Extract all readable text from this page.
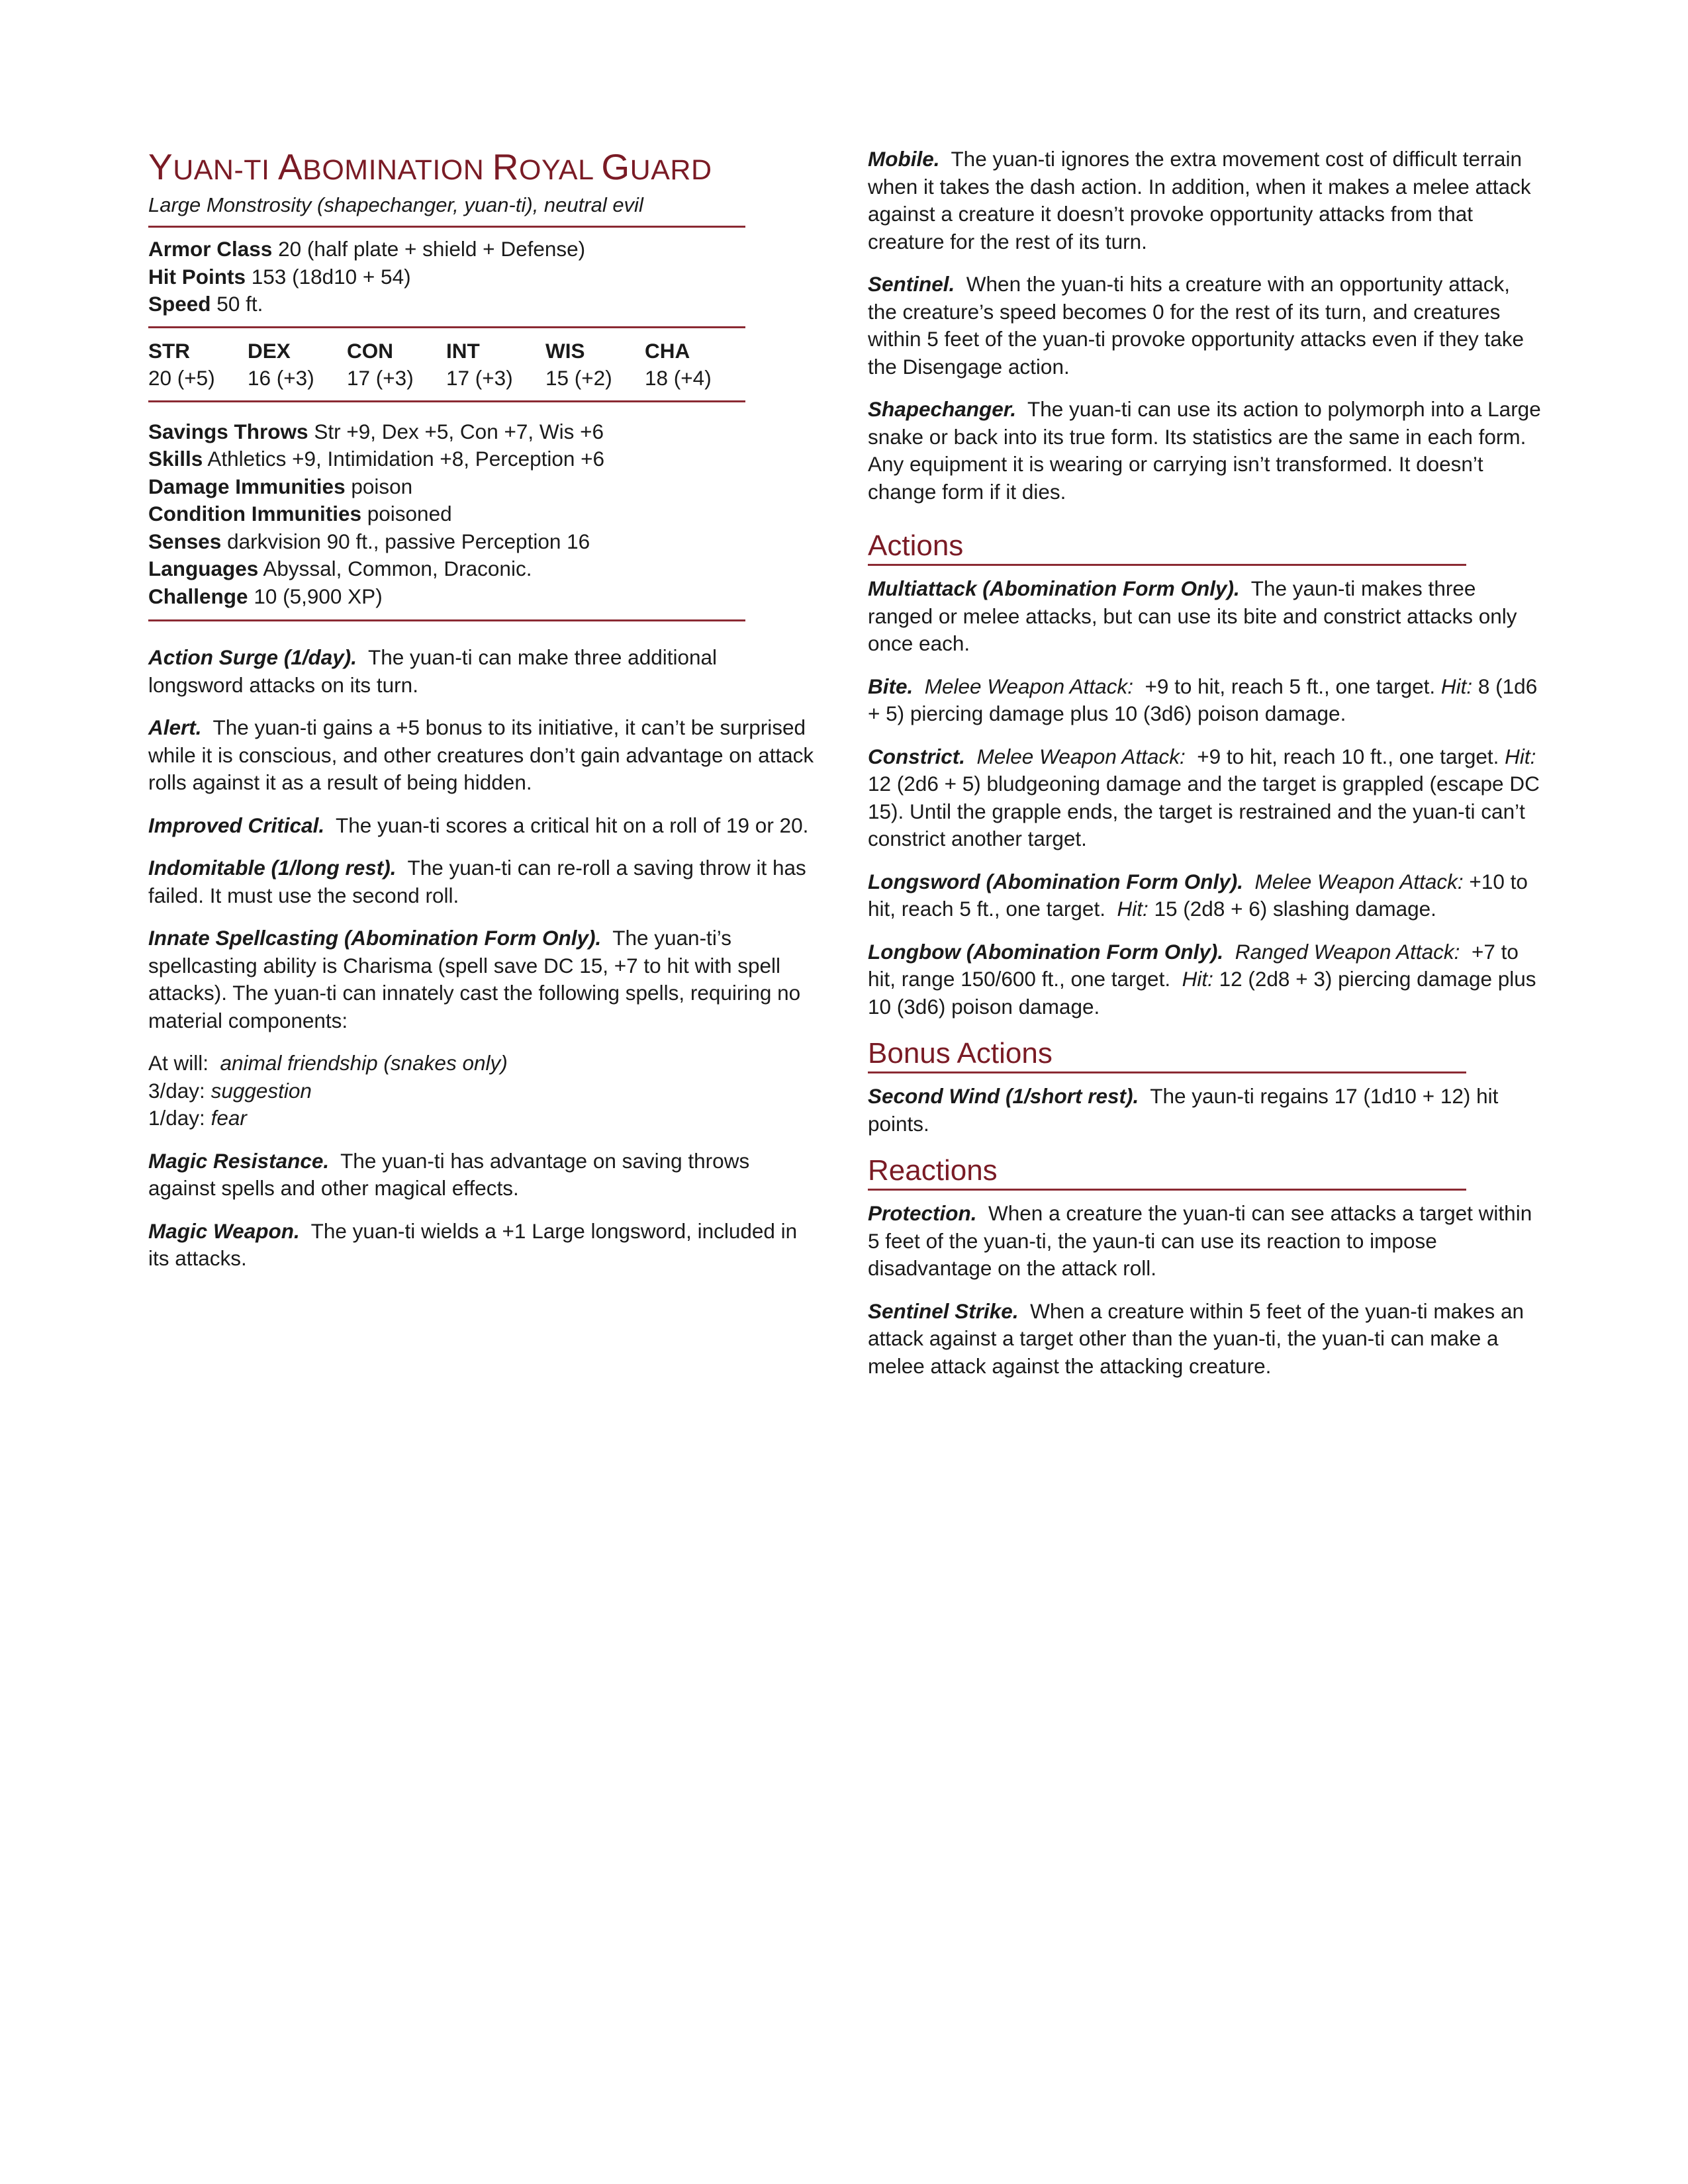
YUAN-TI ABOMINATION ROYAL GUARD

Large Monstrosity (shapechanger, yuan-ti), neutral evil

Armor Class 20 (half plate + shield + Defense)

Hit Points 153 (18d10 + 54)

Speed 50 ft.

STR
20 (+5)
DEX
16 (+3)
CON
17 (+3)
INT
17 (+3)
WIS
15 (+2)
CHA
18 (+4)

Savings Throws Str +9, Dex +5, Con +7, Wis +6

Skills Athletics +9, Intimidation +8, Perception +6

Damage Immunities poison

Condition Immunities poisoned

Senses darkvision 90 ft., passive Perception 16

Languages Abyssal, Common, Draconic.

Challenge 10 (5,900 XP)

Action Surge (1/day). The yuan-ti can make three additional longsword attacks on its turn.

Alert. The yuan-ti gains a +5 bonus to its initiative, it can’t be surprised while it is conscious, and other creatures don’t gain advantage on attack rolls against it as a result of being hidden.

Improved Critical. The yuan-ti scores a critical hit on a roll of 19 or 20.

Indomitable (1/long rest). The yuan-ti can re-roll a saving throw it has failed. It must use the second roll.

Innate Spellcasting (Abomination Form Only). The yuan-ti’s spellcasting ability is Charisma (spell save DC 15, +7 to hit with spell attacks). The yuan-ti can innately cast the following spells, requiring no material components:

At will: animal friendship (snakes only)
3/day: suggestion
1/day: fear

Magic Resistance. The yuan-ti has advantage on saving throws against spells and other magical effects.

Magic Weapon. The yuan-ti wields a +1 Large longsword, included in its attacks.

Mobile. The yuan-ti ignores the extra movement cost of difficult terrain when it takes the dash action. In addition, when it makes a melee attack against a creature it doesn’t provoke opportunity attacks from that creature for the rest of its turn.

Sentinel. When the yuan-ti hits a creature with an opportunity attack, the creature’s speed becomes 0 for the rest of its turn, and creatures within 5 feet of the yuan-ti provoke opportunity attacks even if they take the Disengage action.

Shapechanger. The yuan-ti can use its action to polymorph into a Large snake or back into its true form. Its statistics are the same in each form. Any equipment it is wearing or carrying isn’t transformed. It doesn’t change form if it dies.

Actions

Multiattack (Abomination Form Only). The yaun-ti makes three ranged or melee attacks, but can use its bite and constrict attacks only once each.

Bite. Melee Weapon Attack: +9 to hit, reach 5 ft., one target. Hit: 8 (1d6 + 5) piercing damage plus 10 (3d6) poison damage.

Constrict. Melee Weapon Attack: +9 to hit, reach 10 ft., one target. Hit:  12 (2d6 + 5) bludgeoning damage and the target is grappled (escape DC 15). Until the grapple ends, the target is restrained and the yuan-ti can’t constrict another target.

Longsword (Abomination Form Only). Melee Weapon Attack: +10 to hit, reach 5 ft., one target. Hit: 15 (2d8 + 6) slashing damage.

Longbow (Abomination Form Only). Ranged Weapon Attack: +7 to hit, range 150/600 ft., one target. Hit: 12 (2d8 + 3) piercing damage plus 10 (3d6) poison damage.

Bonus Actions

Second Wind (1/short rest). The yaun-ti regains 17 (1d10 + 12) hit points.

Reactions

Protection. When a creature the yuan-ti can see attacks a target within 5 feet of the yuan-ti, the yaun-ti can use its reaction to impose disadvantage on the attack roll.

Sentinel Strike. When a creature within 5 feet of the yuan-ti makes an attack against a target other than the yuan-ti, the yuan-ti can make a melee attack against the attacking creature.
